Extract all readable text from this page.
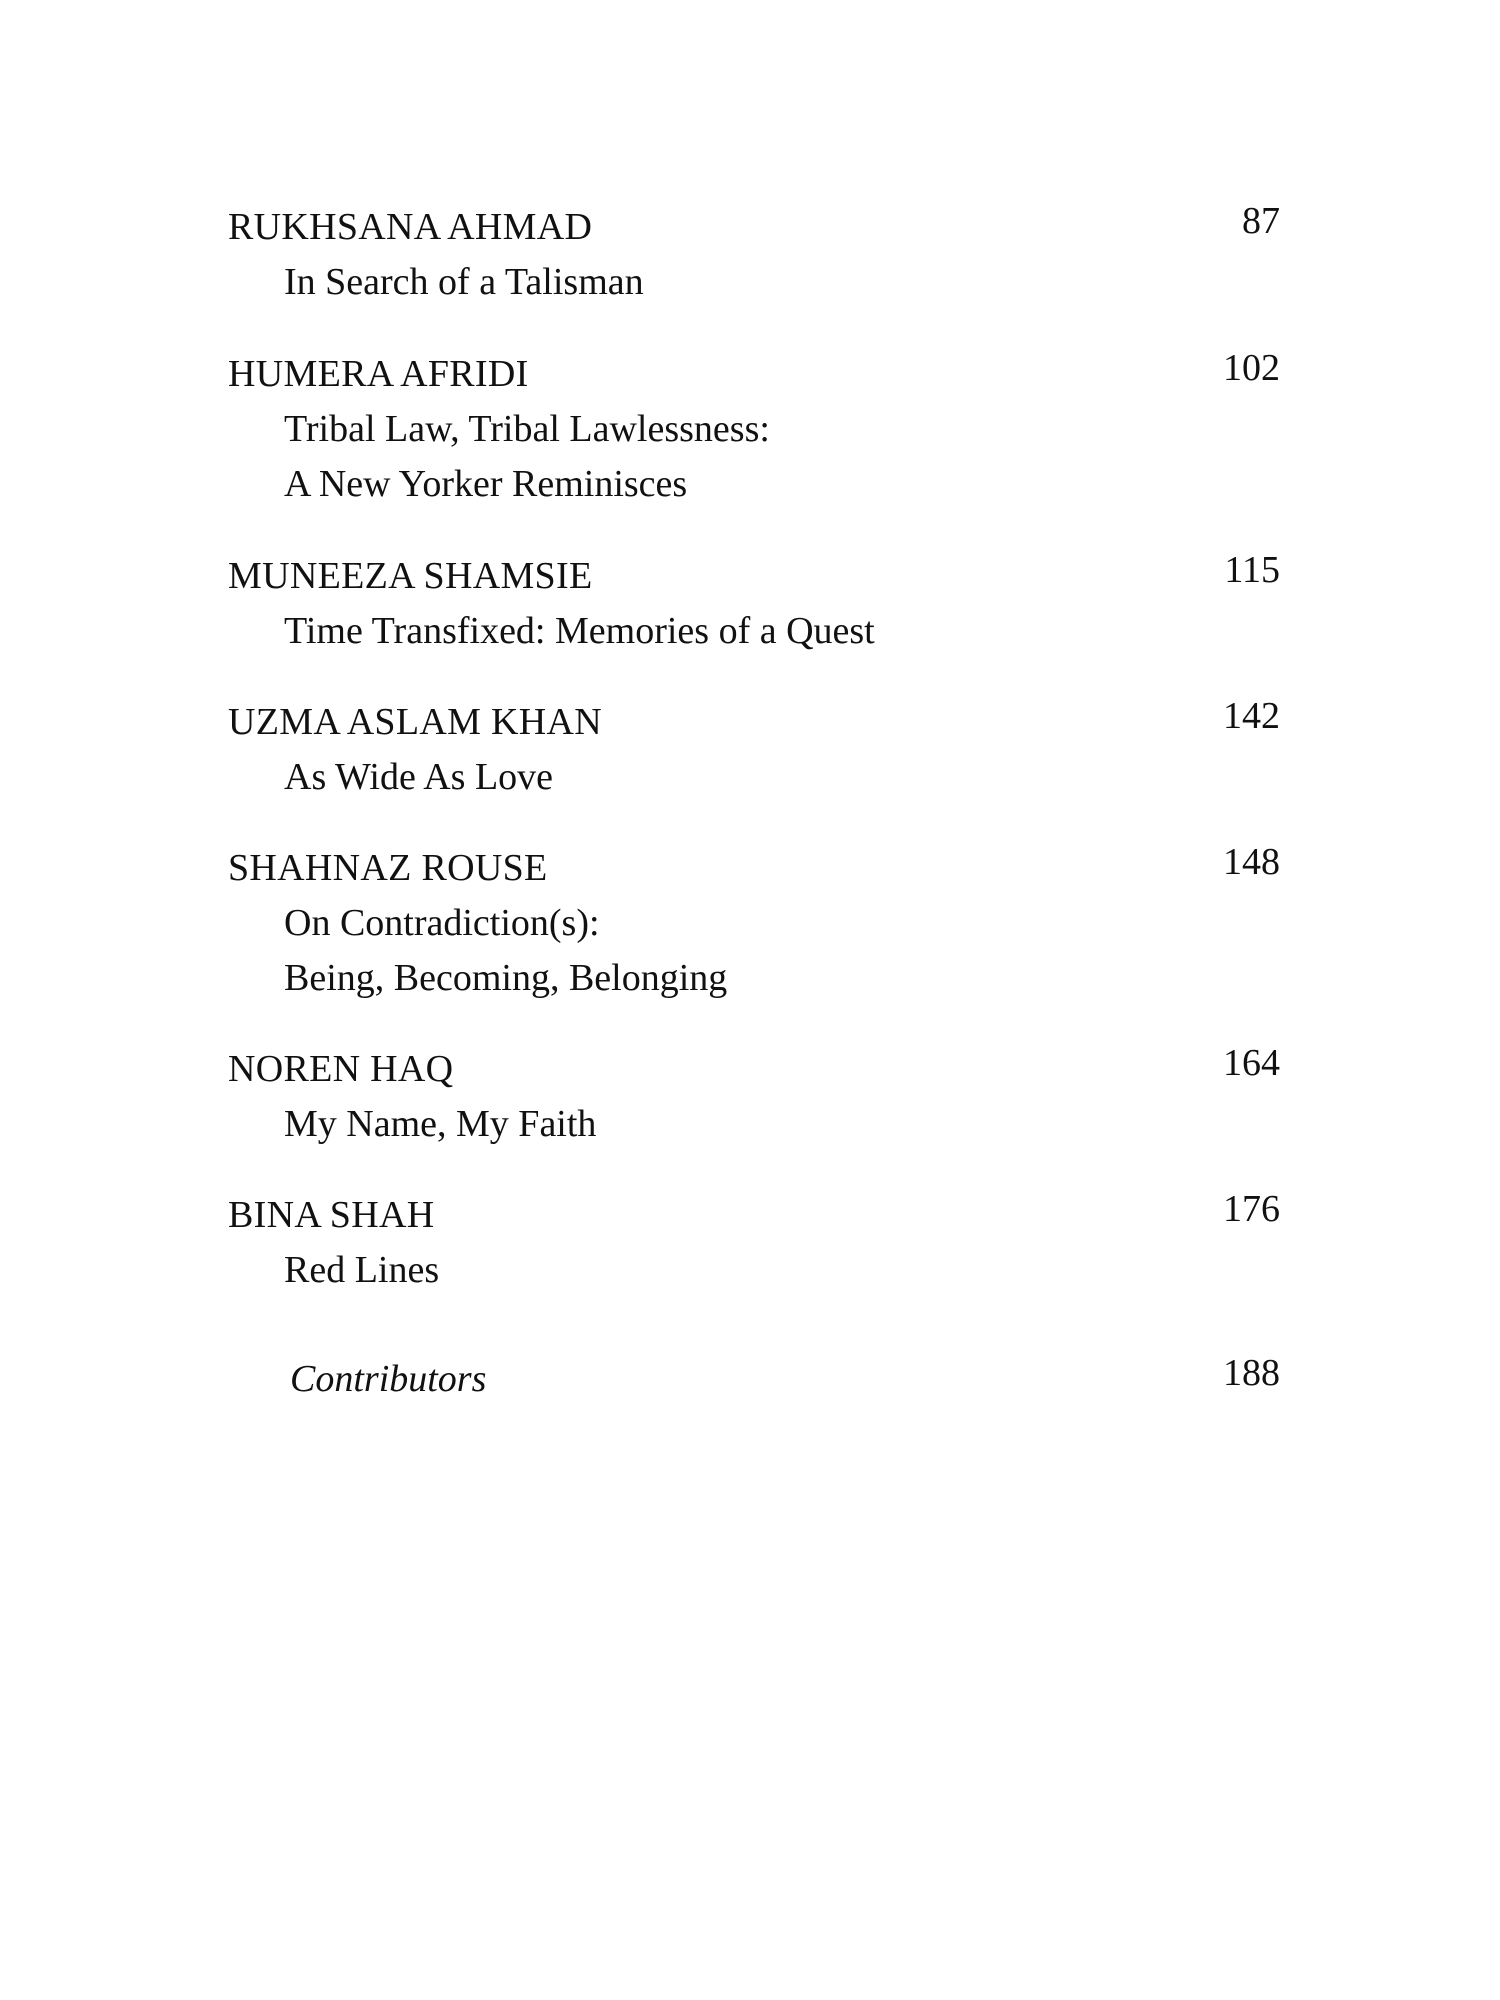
RUKHSANA AHMAD	87
In Search of a Talisman
HUMERA AFRIDI	102
Tribal Law, Tribal Lawlessness:
A New Yorker Reminisces
MUNEEZA SHAMSIE	115
Time Transfixed: Memories of a Quest
UZMA ASLAM KHAN	142
As Wide As Love
SHAHNAZ ROUSE	148
On Contradiction(s):
Being, Becoming, Belonging
NOREN HAQ	164
My Name, My Faith
BINA SHAH	176
Red Lines
Contributors	188
